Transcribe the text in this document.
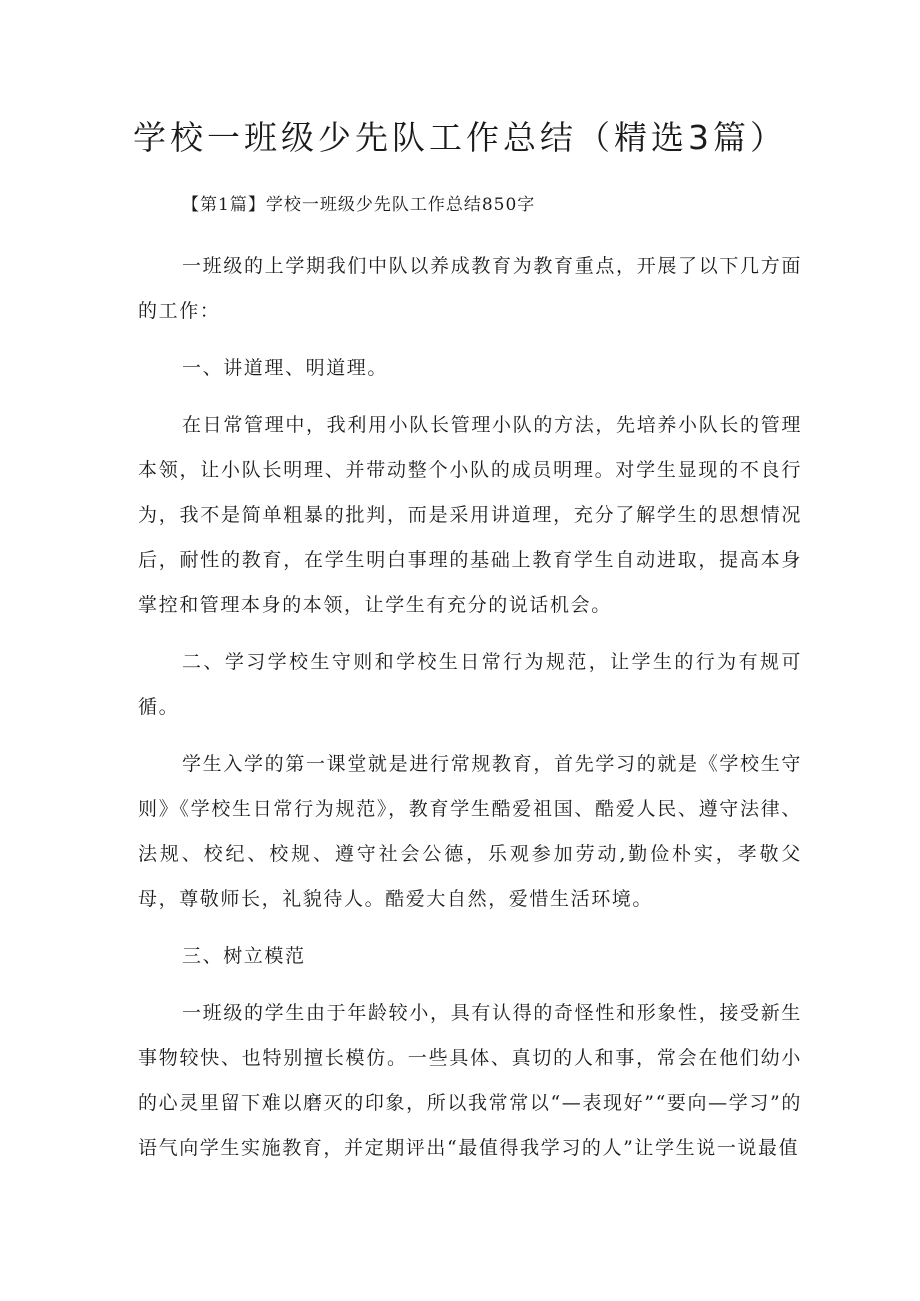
学校一班级少先队工作总结（精选3篇）

【第1篇】学校一班级少先队工作总结850字

一班级的上学期我们中队以养成教育为教育重点，开展了以下几方面的工作：

一、讲道理、明道理。

在日常管理中，我利用小队长管理小队的方法，先培养小队长的管理本领，让小队长明理、并带动整个小队的成员明理。对学生显现的不良行为，我不是简单粗暴的批判，而是采用讲道理，充分了解学生的思想情况后，耐性的教育，在学生明白事理的基础上教育学生自动进取，提高本身掌控和管理本身的本领，让学生有充分的说话机会。

二、学习学校生守则和学校生日常行为规范，让学生的行为有规可循。

学生入学的第一课堂就是进行常规教育，首先学习的就是《学校生守则》《学校生日常行为规范》，教育学生酷爱祖国、酷爱人民、遵守法律、法规、校纪、校规、遵守社会公德，乐观参加劳动,勤俭朴实，孝敬父母，尊敬师长，礼貌待人。酷爱大自然，爱惜生活环境。

三、树立模范

一班级的学生由于年龄较小，具有认得的奇怪性和形象性，接受新生事物较快、也特别擅长模仿。一些具体、真切的人和事，常会在他们幼小的心灵里留下难以磨灭的印象，所以我常常以“—表现好”“要向—学习”的语气向学生实施教育，并定期评出“最值得我学习的人”让学生说一说最值
